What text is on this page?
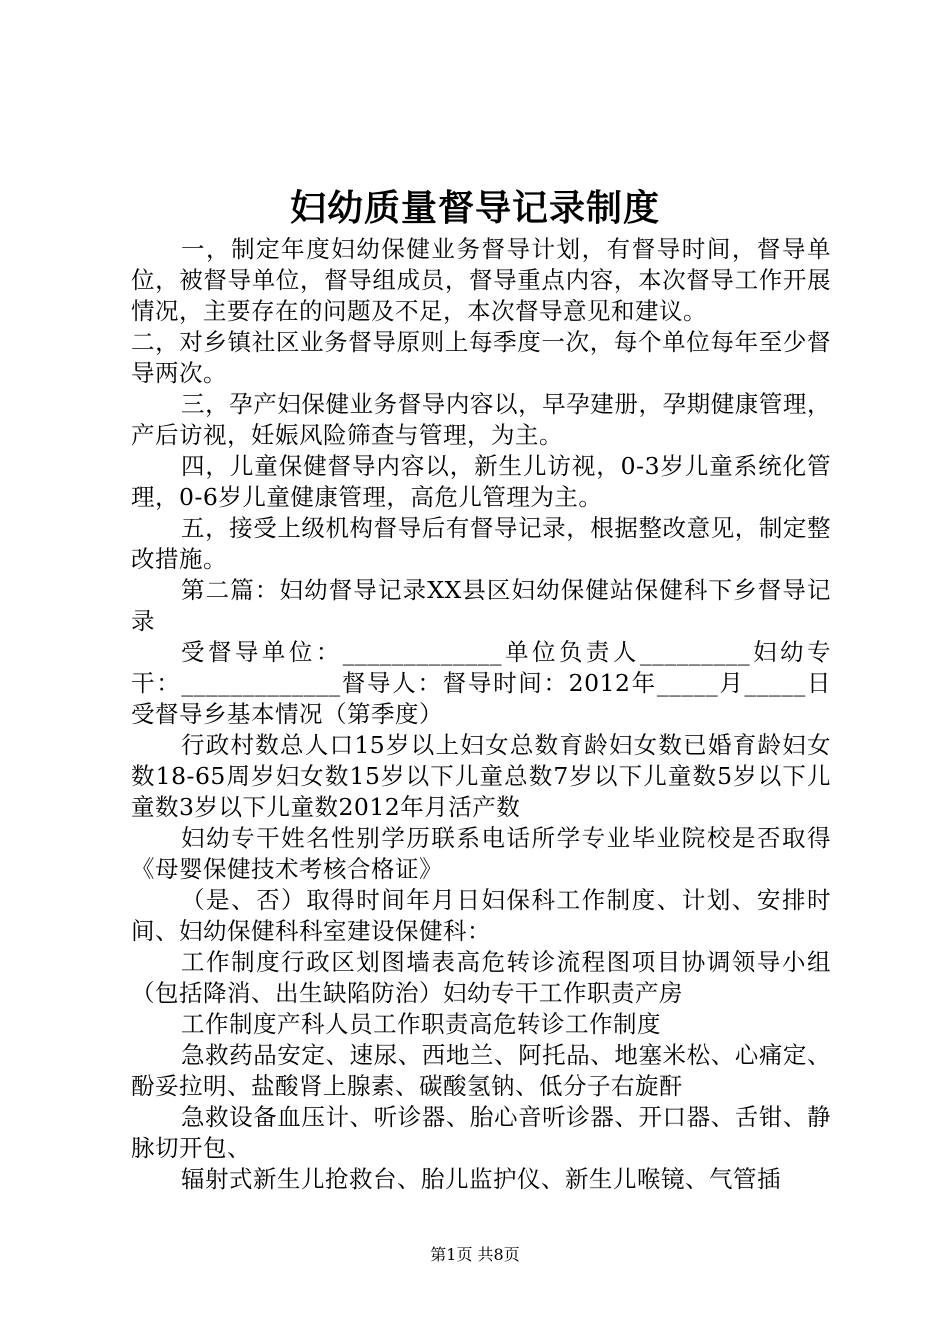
妇幼质量督导记录制度

一，制定年度妇幼保健业务督导计划，有督导时间，督导单位，被督导单位，督导组成员，督导重点内容，本次督导工作开展情况，主要存在的问题及不足，本次督导意见和建议。

二，对乡镇社区业务督导原则上每季度一次，每个单位每年至少督导两次。

三，孕产妇保健业务督导内容以，早孕建册，孕期健康管理，产后访视，妊娠风险筛查与管理，为主。

四，儿童保健督导内容以，新生儿访视，0-3岁儿童系统化管理，0-6岁儿童健康管理，高危儿管理为主。

五，接受上级机构督导后有督导记录，根据整改意见，制定整改措施。

第二篇：妇幼督导记录XX县区妇幼保健站保健科下乡督导记录

受督导单位：_____________单位负责人_________妇幼专干：_____________督导人：督导时间：2012年_____月_____日受督导乡基本情况（第季度）

行政村数总人口15岁以上妇女总数育龄妇女数已婚育龄妇女数18-65周岁妇女数15岁以下儿童总数7岁以下儿童数5岁以下儿童数3岁以下儿童数2012年月活产数

妇幼专干姓名性别学历联系电话所学专业毕业院校是否取得《母婴保健技术考核合格证》

（是、否）取得时间年月日妇保科工作制度、计划、安排时间、妇幼保健科科室建设保健科：

工作制度行政区划图墙表高危转诊流程图项目协调领导小组（包括降消、出生缺陷防治）妇幼专干工作职责产房

工作制度产科人员工作职责高危转诊工作制度

急救药品安定、速尿、西地兰、阿托品、地塞米松、心痛定、酚妥拉明、盐酸肾上腺素、碳酸氢钠、低分子右旋酐

急救设备血压计、听诊器、胎心音听诊器、开口器、舌钳、静脉切开包、

辐射式新生儿抢救台、胎儿监护仪、新生儿喉镜、气管插

第1页 共8页
